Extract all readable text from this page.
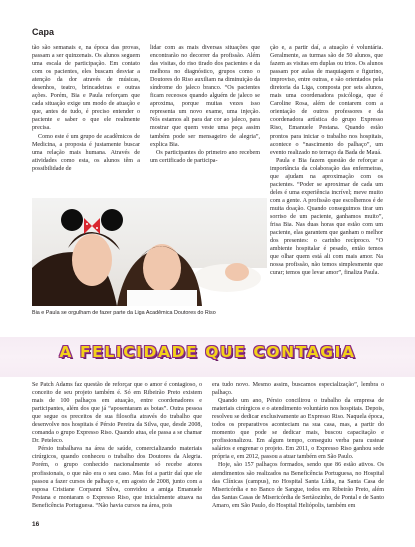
Capa

tão são semanais e, na época das provas, passam a ser quinzenais. Os alunos seguem uma escala de participação. Em contato com os pacientes, eles buscam desviar a atenção da dor através de músicas, desenhos, teatro, brincadeiras e outras ações. Porém, Bia e Paula reforçam que cada situação exige um modo de atuação e que, antes de tudo, é preciso entender o paciente e saber o que ele realmente precisa.

Como este é um grupo de acadêmicos de Medicina, a proposta é justamente buscar uma relação mais humana. Através de atividades como esta, os alunos têm a possibilidade de

lidar com as mais diversas situações que encontrarão no decorrer da profissão. Além das visitas, do riso tirado dos pacientes e da melhora no diagnóstico, grupos como o Doutores do Riso auxiliam na diminuição da síndrome do jaleco branco. “Os pacientes ficam receosos quando alguém de jaleco se aproxima, porque muitas vezes isso representa um novo exame, uma injeção. Nós estamos ali para dar cor ao jaleco, para mostrar que quem veste uma peça assim também pode ser mensageiro de alegria”, explica Bia.

Os participantes do primeiro ano recebem um certificado de participa-

ção e, a partir daí, a atuação é voluntária. Geralmente, as turmas são de 50 alunos, que fazem as visitas em duplas ou trios. Os alunos passam por aulas de maquiagem e figurino, improviso, entre outras, e são orientados pela diretoria da Liga, composta por seis alunos, mais uma coordenadora psicóloga, que é Caroline Rosa, além de contarem com a orientação de outros professores e da coordenadora artística do grupo Expresso Riso, Emanuele Pestana. Quando estão prontos para iniciar o trabalho nos hospitais, acontece o “nascimento do palhaço”, um evento realizado no terraço da Bada de Mauá.

Paula e Bia fazem questão de reforçar a importância da colaboração das enfermeiras, que ajudam na aproximação com os pacientes. “Poder se aproximar de cada um deles é uma experiência incrível; meve muito com a gente. A profissão que escolhemos é de muita doação. Quando conseguimos tirar um sorriso de um paciente, ganhamos muito”, frisa Bia. Nas duas horas que estão com um paciente, elas garantem que ganham o melhor dos presentes: o carinho recíproco. “O ambiente hospitalar é pesado, então temos que olhar quem está ali com mais amor. Na nossa profissão, não temos simplesmente que curar; temos que levar amor”, finaliza Paula.

Bia e Paula se orgulham de fazer parte da Liga Acadêmica Doutores do Riso
A FELICIDADE QUE CONTAGIA

Se Patch Adams faz questão de reforçar que o amor é contagioso, o conceito de seu projeto também é. Só em Ribeirão Preto existem mais de 100 palhaços em atuação, entre coordenadores e participantes, além dos que já “aposentaram as botas”. Outra pessoa que segue os preceitos de sua filosofia através do trabalho que desenvolve nos hospitais é Pérsio Pereira da Silva, que, desde 2008, comanda o grupo Expresso Riso. Quando atua, ele passa a se chamar Dr. Peteleco.

Pérsio trabalhava na área de saúde, comercializando materiais cirúrgicos, quando conheceu o trabalho dos Doutores da Alegria. Porém, o grupo conhecido nacionalmente só recebe atores profissionais, o que não era o seu caso. Mas foi a partir daí que ele passou a fazer cursos de palhaço e, em agosto de 2008, junto com a esposa Cristiane Corpanni Silva, convidou a amiga Emanuele Pestana e montaram o Expresso Riso, que inicialmente atuava na Beneficência Portuguesa. “Não havia cursos na área, pois

era tudo novo. Mesmo assim, buscamos especialização”, lembra o palhaço.

Quando um ano, Pérsio concilirou o trabalho da empresa de materiais cirúrgicos e o atendimento voluntário nos hospitais. Depois, resolveu se dedicar exclusivamente ao Expresso Riso. Naquela época, todos os preparativos aconteciam na sua casa, mas, a partir do momento que pode se dedicar mais, buscou capacitação e profissionalizou. Em algum tempo, conseguiu verba para custear salários e engrenar o projeto. Em 2011, o Expresso Riso ganhou sede própria e, em 2012, passou a atuar também em São Paulo.

Hoje, são 157 palhaços formados, sendo que 86 estão ativos. Os atendimentos são realizados na Beneficência Portuguesa, no Hospital das Clínicas (campus), no Hospital Santa Lídia, na Santa Casa de Misericórdia e no Banco de Sangue, todos em Ribeirão Preto, além das Santas Casas de Misericórdia de Sertãozinho, de Pontal e de Santo Amaro, em São Paulo, do Hospital Heliópolis, também em

16
